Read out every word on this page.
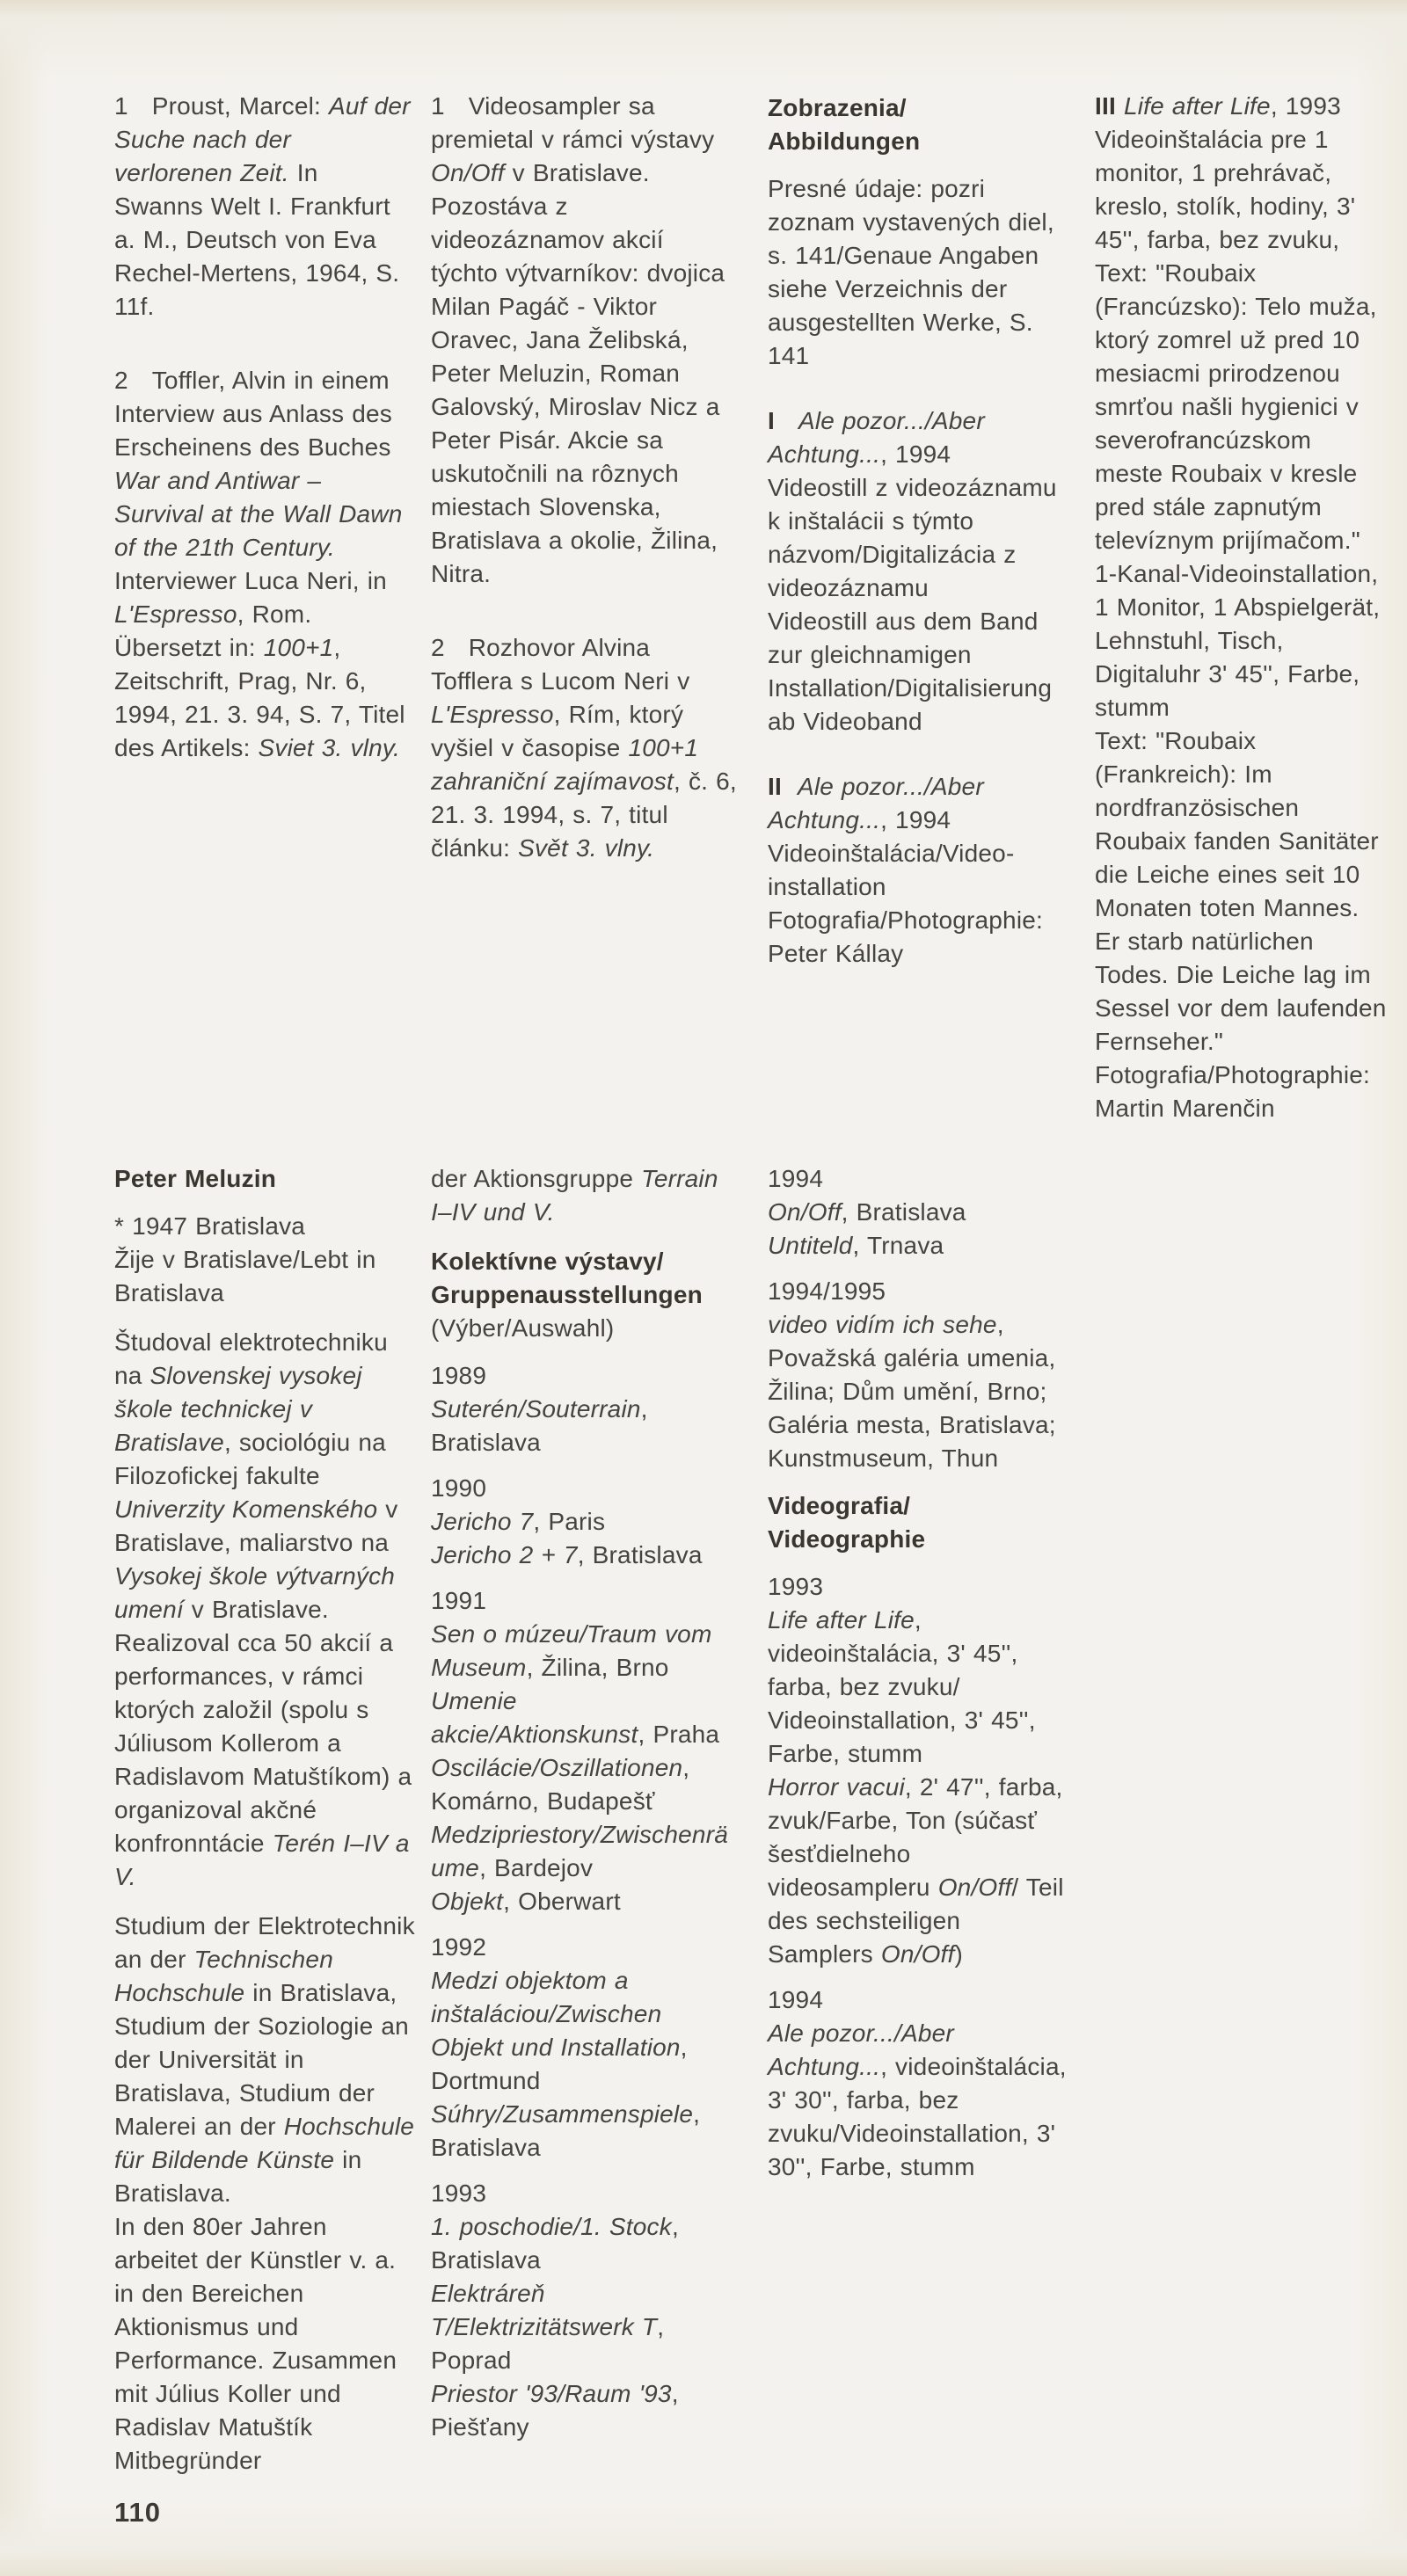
1   Proust, Marcel: Auf der Suche nach der verlorenen Zeit. In Swanns Welt I. Frankfurt a. M., Deutsch von Eva Rechel-Mertens, 1964, S. 11f.

2   Toffler, Alvin in einem Interview aus Anlass des Erscheinens des Buches War and Antiwar – Survival at the Wall Dawn of the 21th Century. Interviewer Luca Neri, in L'Espresso, Rom. Übersetzt in: 100+1, Zeitschrift, Prag, Nr. 6, 1994, 21. 3. 94, S. 7, Titel des Artikels: Sviet 3. vlny.

1   Videosampler sa premietal v rámci výstavy On/Off v Bratislave. Pozostáva z videozáznamov akcií týchto výtvarníkov: dvojica Milan Pagáč - Viktor Oravec, Jana Želibská, Peter Meluzin, Roman Galovský, Miroslav Nicz a Peter Pisár. Akcie sa uskutočnili na rôznych miestach Slovenska, Bratislava a okolie, Žilina, Nitra.

2   Rozhovor Alvina Tofflera s Lucom Neri v L'Espresso, Rím, ktorý vyšiel v časopise 100+1 zahraniční zajímavost, č. 6, 21. 3. 1994, s. 7, titul článku: Svět 3. vlny.

Zobrazenia/
Abbildungen

Presné údaje: pozri zoznam vystavených diel, s. 141/Genaue Angaben siehe Verzeichnis der ausgestellten Werke, S. 141

I Ale pozor.../Aber Achtung..., 1994
Videostill z videozáznamu k inštalácii s týmto názvom/Digitalizácia z videozáznamu
Videostill aus dem Band zur gleichnamigen Installation/Digitalisierung ab Videoband

II Ale pozor.../Aber Achtung..., 1994
Videoinštalácia/Videoinstallation
Fotografia/Photographie: Peter Kállay

III Life after Life, 1993
Videoinštalácia pre 1 monitor, 1 prehrávač, kreslo, stolík, hodiny, 3' 45'', farba, bez zvuku, Text: "Roubaix (Francúzsko): Telo muža, ktorý zomrel už pred 10 mesiacmi prirodzenou smrťou našli hygienici v severofrancúzskom meste Roubaix v kresle pred stále zapnutým televíznym prijímačom."
1-Kanal-Videoinstallation, 1 Monitor, 1 Abspielgerät, Lehnstuhl, Tisch, Digitaluhr 3' 45'', Farbe, stumm
Text: "Roubaix (Frankreich): Im nordfranzösischen Roubaix fanden Sanitäter die Leiche eines seit 10 Monaten toten Mannes. Er starb natürlichen Todes. Die Leiche lag im Sessel vor dem laufenden Fernseher."
Fotografia/Photographie: Martin Marenčin

Peter Meluzin

* 1947 Bratislava
Žije v Bratislave/Lebt in Bratislava

Študoval elektrotechniku na Slovenskej vysokej škole technickej v Bratislave, sociológiu na Filozofickej fakulte Univerzity Komenského v Bratislave, maliarstvo na Vysokej škole výtvarných umení v Bratislave.
Realizoval cca 50 akcií a performances, v rámci ktorých založil (spolu s Júliusom Kollerom a Radislavom Matuštíkom) a organizoval akčné konfronntácie Terén I–IV a V.

Studium der Elektrotechnik an der Technischen Hochschule in Bratislava, Studium der Soziologie an der Universität in Bratislava, Studium der Malerei an der Hochschule für Bildende Künste in Bratislava.
In den 80er Jahren arbeitet der Künstler v. a. in den Bereichen Aktionismus und Performance. Zusammen mit Július Koller und Radislav Matuštík Mitbegründer

der Aktionsgruppe Terrain I–IV und V.

Kolektívne výstavy/
Gruppenausstellungen
(Výber/Auswahl)

1989
Suterén/Souterrain, Bratislava

1990
Jericho 7, Paris
Jericho 2 + 7, Bratislava

1991
Sen o múzeu/Traum vom Museum, Žilina, Brno
Umenie akcie/Aktionskunst, Praha
Oscilácie/Oszillationen, Komárno, Budapešť
Medzipriestory/Zwischenräume, Bardejov
Objekt, Oberwart

1992
Medzi objektom a inštaláciou/Zwischen Objekt und Installation, Dortmund
Súhry/Zusammenspiele, Bratislava

1993
1. poschodie/1. Stock, Bratislava
Elektráreň T/Elektrizitätswerk T, Poprad
Priestor '93/Raum '93, Piešťany

1994
On/Off, Bratislava
Untiteld, Trnava

1994/1995
video vidím ich sehe, Považská galéria umenia, Žilina; Dům umění, Brno; Galéria mesta, Bratislava; Kunstmuseum, Thun

Videografia/
Videographie

1993
Life after Life, videoinštalácia, 3' 45'', farba, bez zvuku/ Videoinstallation, 3' 45'', Farbe, stumm
Horror vacui, 2' 47'', farba, zvuk/Farbe, Ton (súčasť šesťdielneho videosampleru On/Off/ Teil des sechsteiligen Samplers On/Off)

1994
Ale pozor.../Aber Achtung..., videoinštalácia, 3' 30'', farba, bez zvuku/Videoinstallation, 3' 30'', Farbe, stumm

110
